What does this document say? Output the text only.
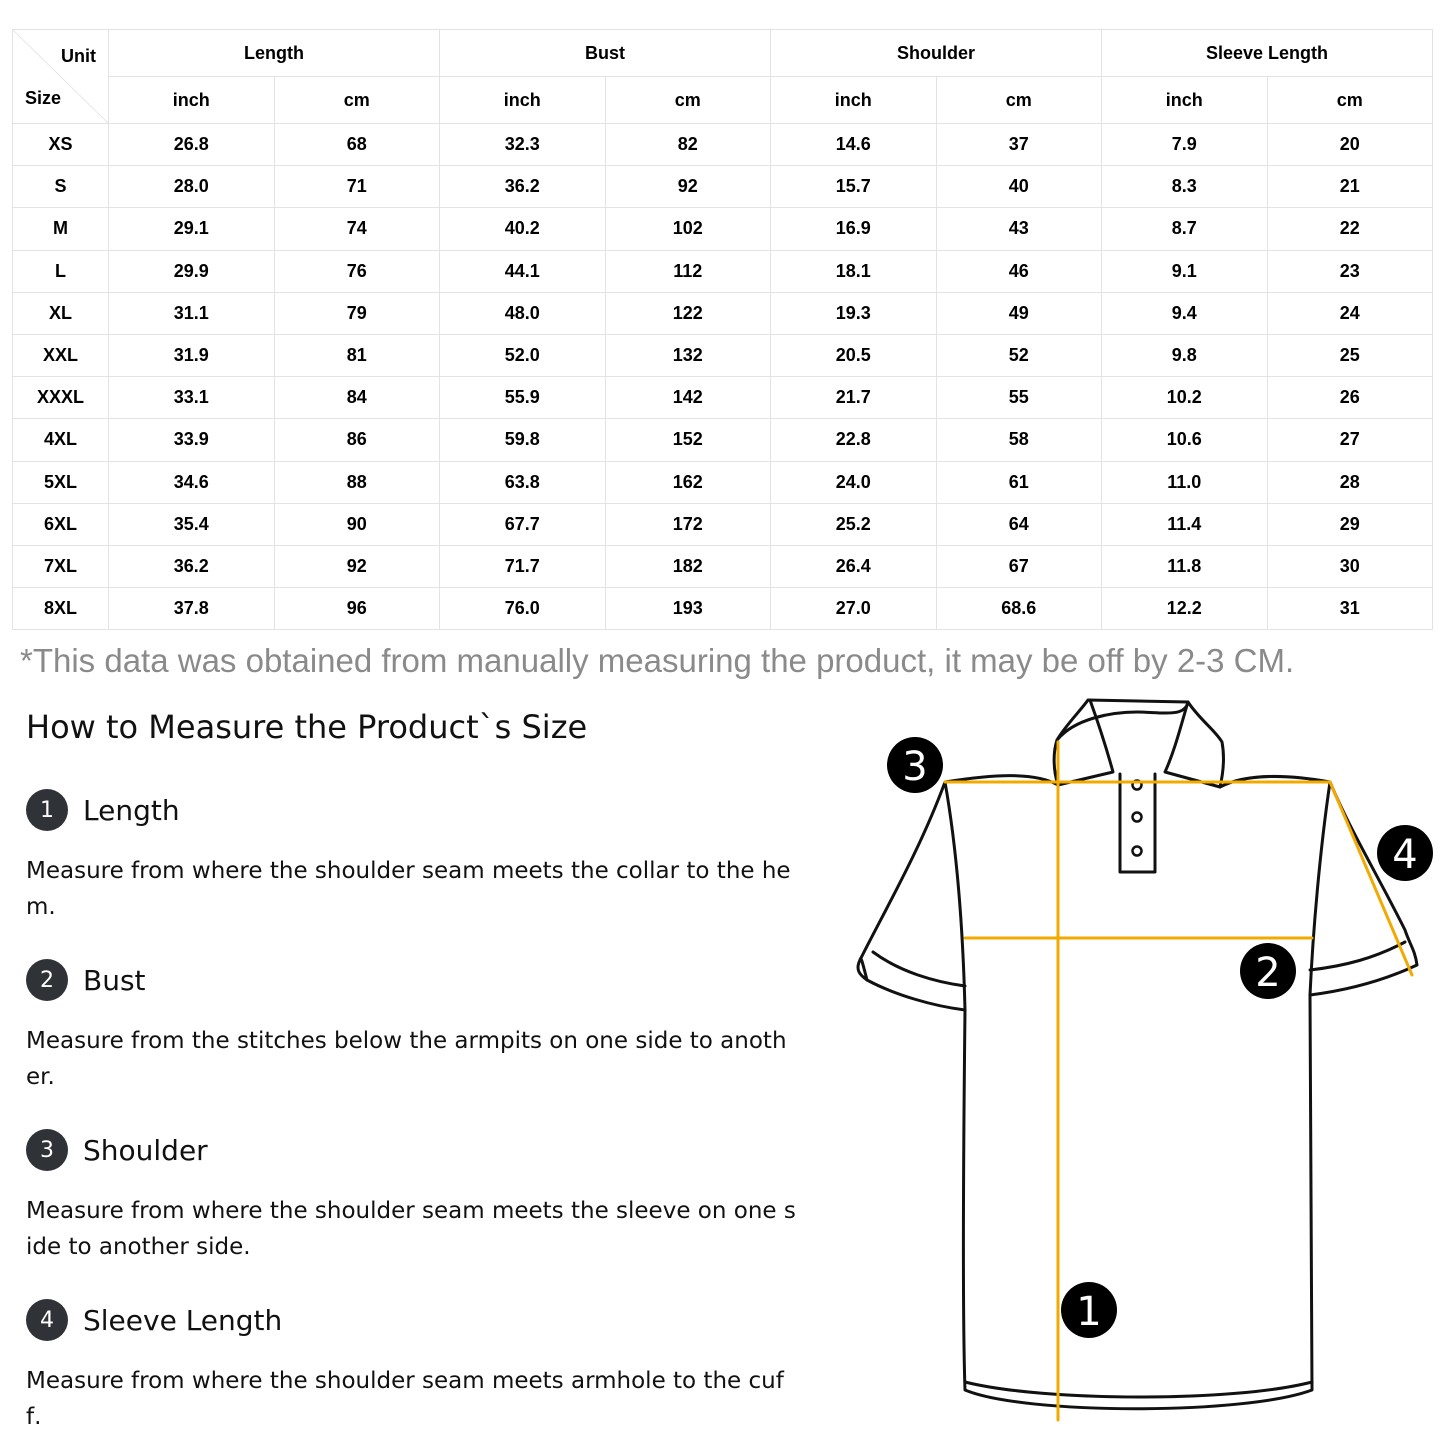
Unit
Size	Length		Bust		Shoulder		Sleeve Length	
	inch	cm	inch	cm	inch	cm	inch	cm
XS	26.8	68	32.3	82	14.6	37	7.9	20
S	28.0	71	36.2	92	15.7	40	8.3	21
M	29.1	74	40.2	102	16.9	43	8.7	22
L	29.9	76	44.1	112	18.1	46	9.1	23
XL	31.1	79	48.0	122	19.3	49	9.4	24
XXL	31.9	81	52.0	132	20.5	52	9.8	25
XXXL	33.1	84	55.9	142	21.7	55	10.2	26
4XL	33.9	86	59.8	152	22.8	58	10.6	27
5XL	34.6	88	63.8	162	24.0	61	11.0	28
6XL	35.4	90	67.7	172	25.2	64	11.4	29
7XL	36.2	92	71.7	182	26.4	67	11.8	30
8XL	37.8	96	76.0	193	27.0	68.6	12.2	31
*This data was obtained from manually measuring the product, it may be off by 2-3 CM.
How to Measure the Product`s Size
1	Length
Measure from where the shoulder seam meets the collar to the hem.
2	Bust
Measure from the stitches below the armpits on one side to another.
3	Shoulder
Measure from where the shoulder seam meets the sleeve on one side to another side.
4	Sleeve Length
Measure from where the shoulder seam meets armhole to the cuff.
1
2
3
4
